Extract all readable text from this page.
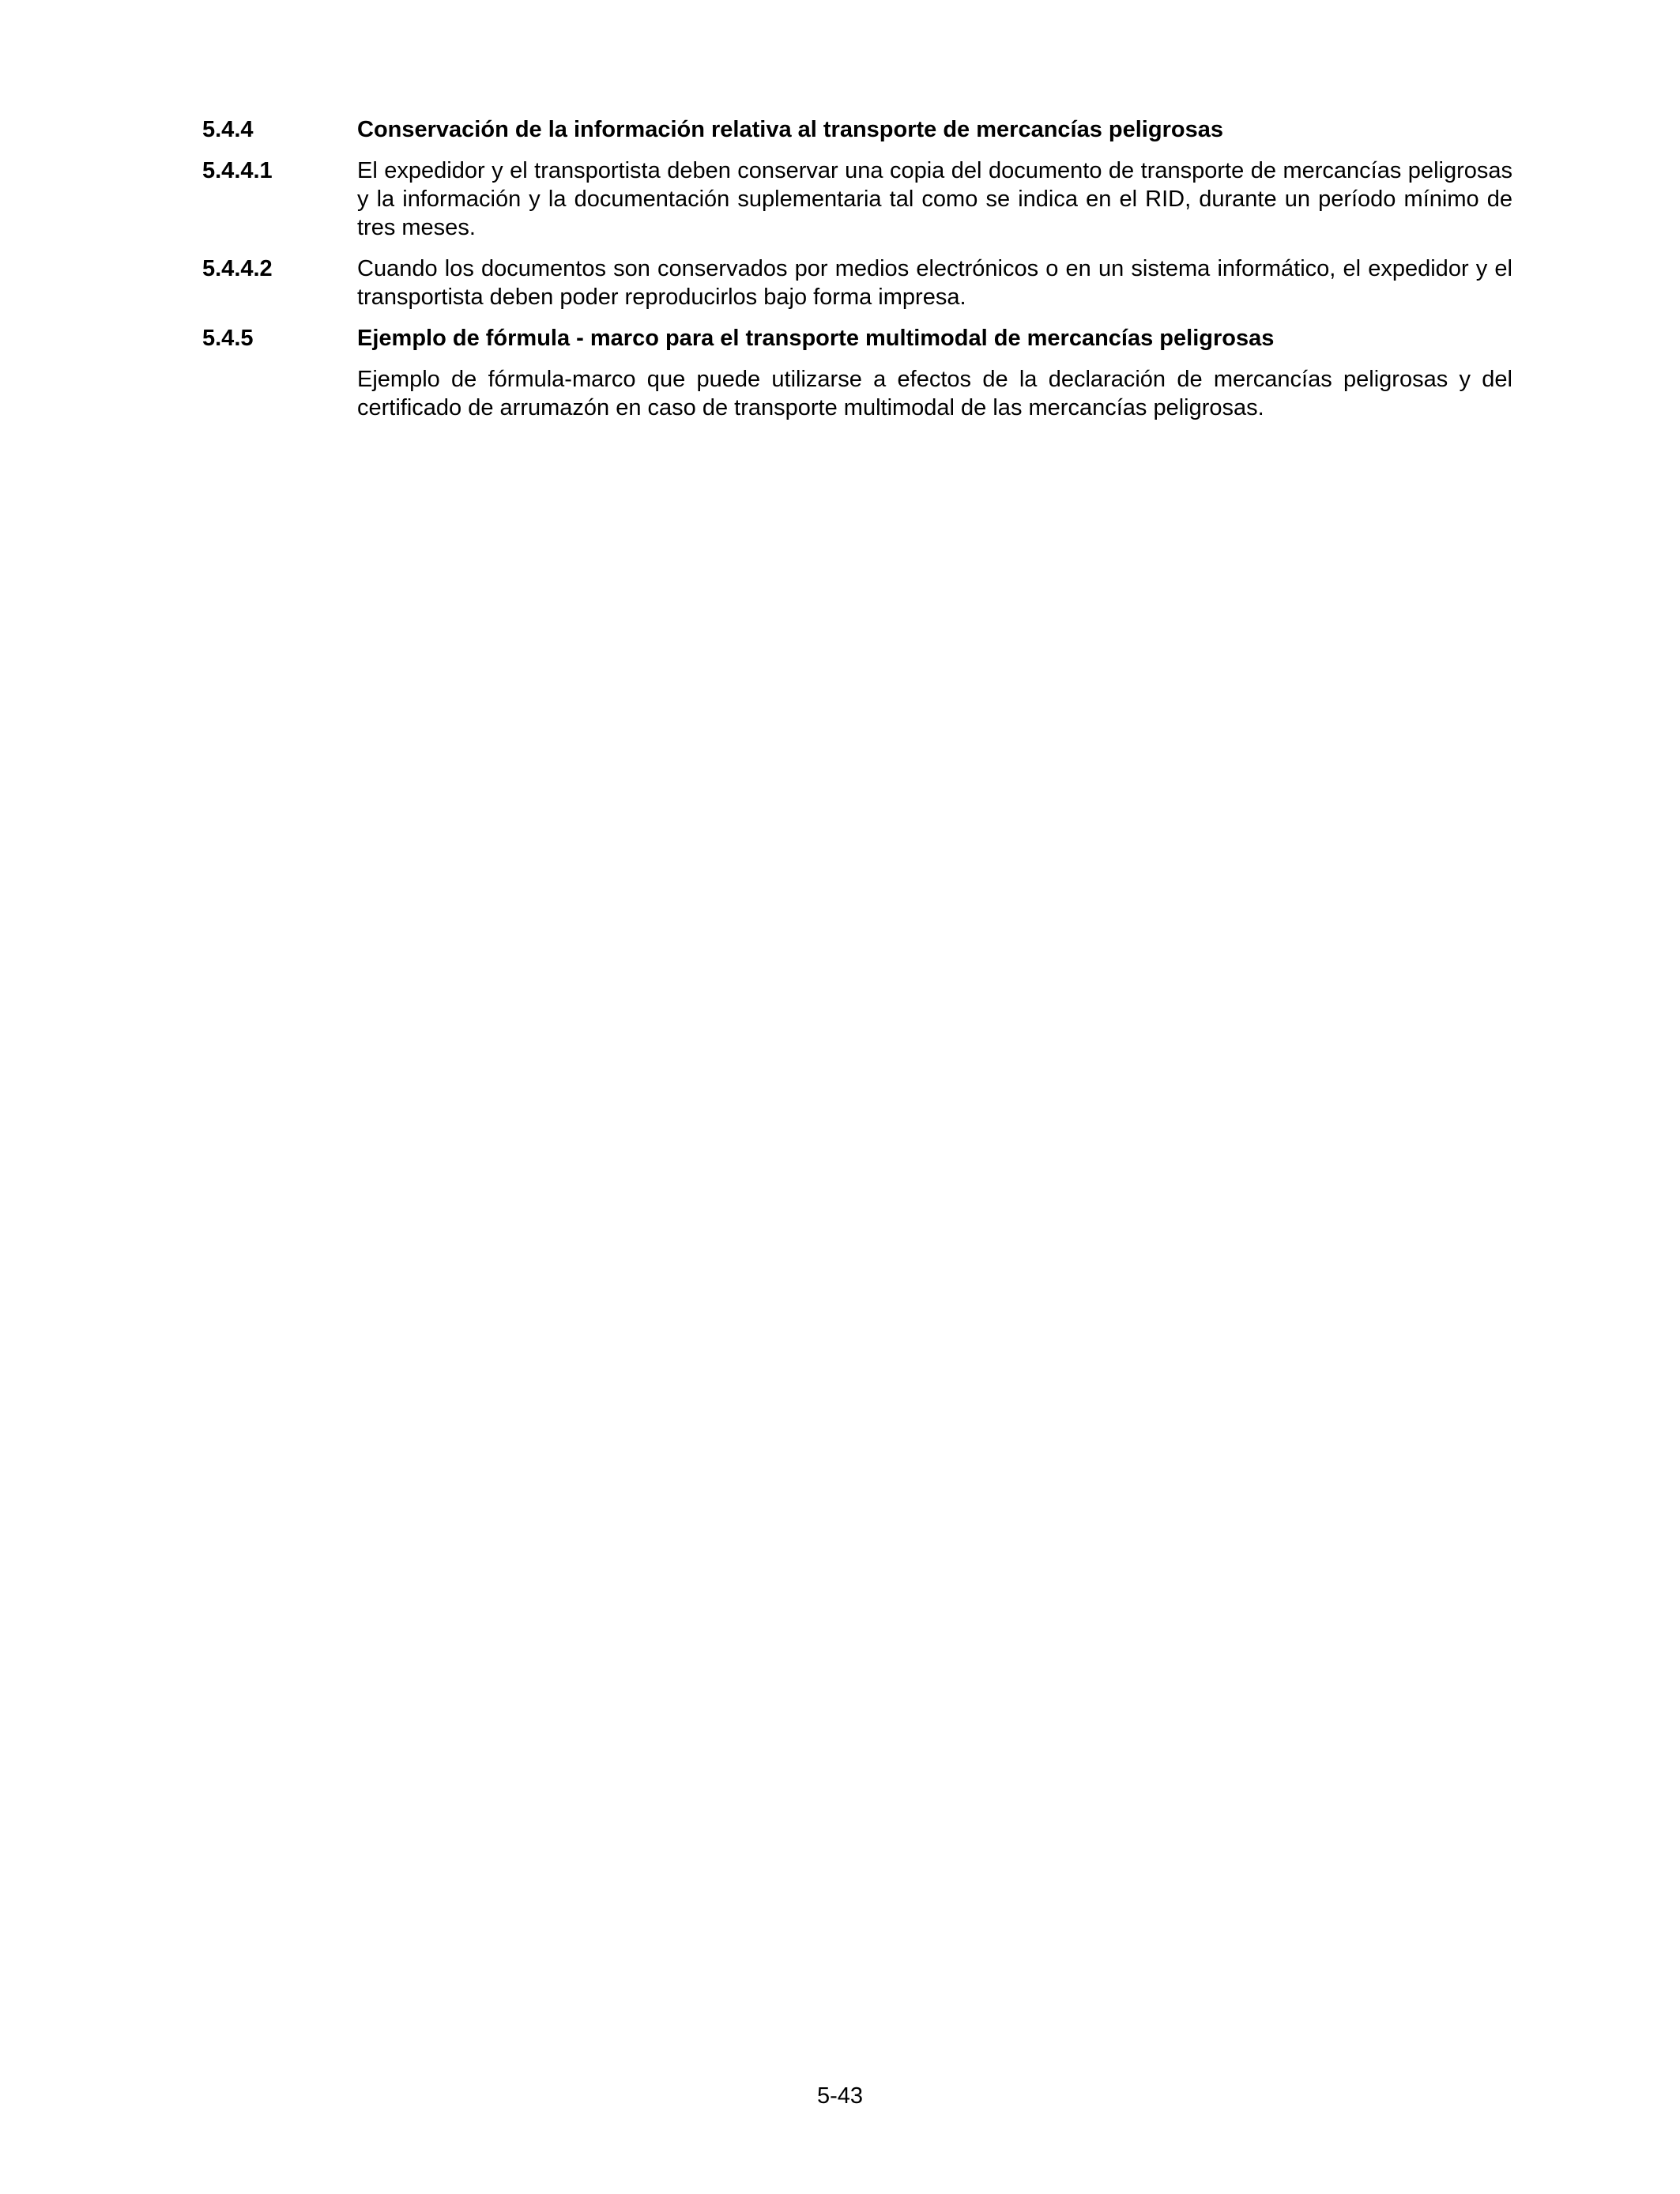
5.4.4	Conservación de la información relativa al transporte de mercancías peligrosas
5.4.4.1	El expedidor y el transportista deben conservar una copia del documento de transporte de mercancías peligrosas y la información y la documentación suplementaria tal como se indica en el RID, durante un período mínimo de tres meses.
5.4.4.2	Cuando los documentos son conservados por medios electrónicos o en un sistema informático, el expedidor y el transportista deben poder reproducirlos bajo forma impresa.
5.4.5	Ejemplo de fórmula - marco para el transporte multimodal de mercancías peligrosas
Ejemplo de fórmula-marco que puede utilizarse a efectos de la declaración de mercancías peligrosas y del certificado de arrumazón en caso de transporte multimodal de las mercancías peligrosas.
5-43
